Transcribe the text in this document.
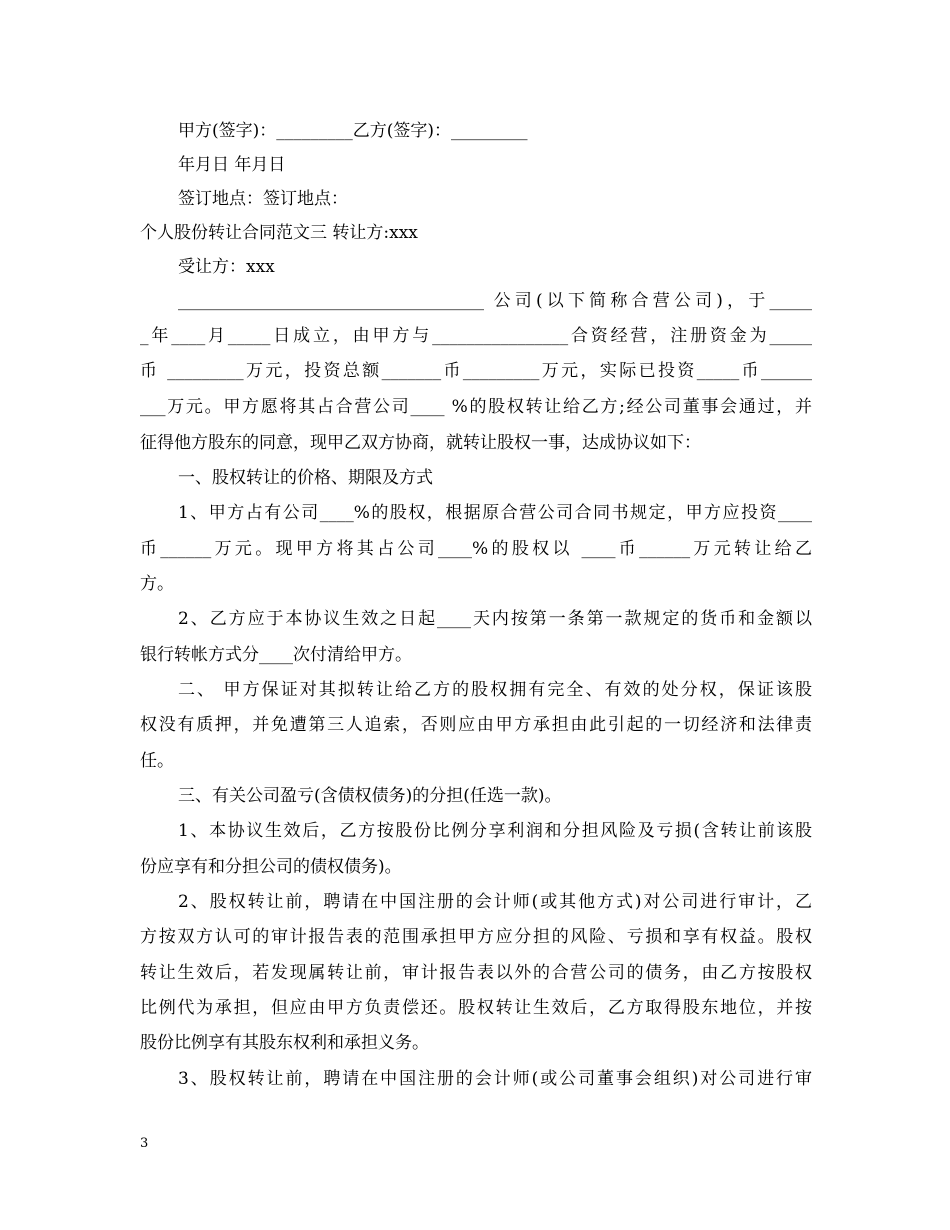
甲方(签字)：_________乙方(签字)：_________
年月日 年月日
签订地点：签订地点：
个人股份转让合同范文三 转让方:xxx
受让方：xxx
____________________________________ 公司(以下简称合营公司)，于_____
_年____月_____日成立，由甲方与________________合资经营，注册资金为_____
币 _________万元，投资总额_______币_________万元，实际已投资_____币______
___万元。甲方愿将其占合营公司____ %的股权转让给乙方;经公司董事会通过，并
征得他方股东的同意，现甲乙双方协商，就转让股权一事，达成协议如下：
一、股权转让的价格、期限及方式
1、甲方占有公司____%的股权，根据原合营公司合同书规定，甲方应投资____
币______万元。现甲方将其占公司____%的股权以 ____币______万元转让给乙
方。
2、乙方应于本协议生效之日起____天内按第一条第一款规定的货币和金额以
银行转帐方式分____次付清给甲方。
二、 甲方保证对其拟转让给乙方的股权拥有完全、有效的处分权，保证该股
权没有质押，并免遭第三人追索，否则应由甲方承担由此引起的一切经济和法律责
任。
三、有关公司盈亏(含债权债务)的分担(任选一款)。
1、本协议生效后，乙方按股份比例分享利润和分担风险及亏损(含转让前该股
份应享有和分担公司的债权债务)。
2、股权转让前，聘请在中国注册的会计师(或其他方式)对公司进行审计，乙
方按双方认可的审计报告表的范围承担甲方应分担的风险、亏损和享有权益。股权
转让生效后，若发现属转让前，审计报告表以外的合营公司的债务，由乙方按股权
比例代为承担，但应由甲方负责偿还。股权转让生效后，乙方取得股东地位，并按
股份比例享有其股东权利和承担义务。
3、股权转让前，聘请在中国注册的会计师(或公司董事会组织)对公司进行审
3
